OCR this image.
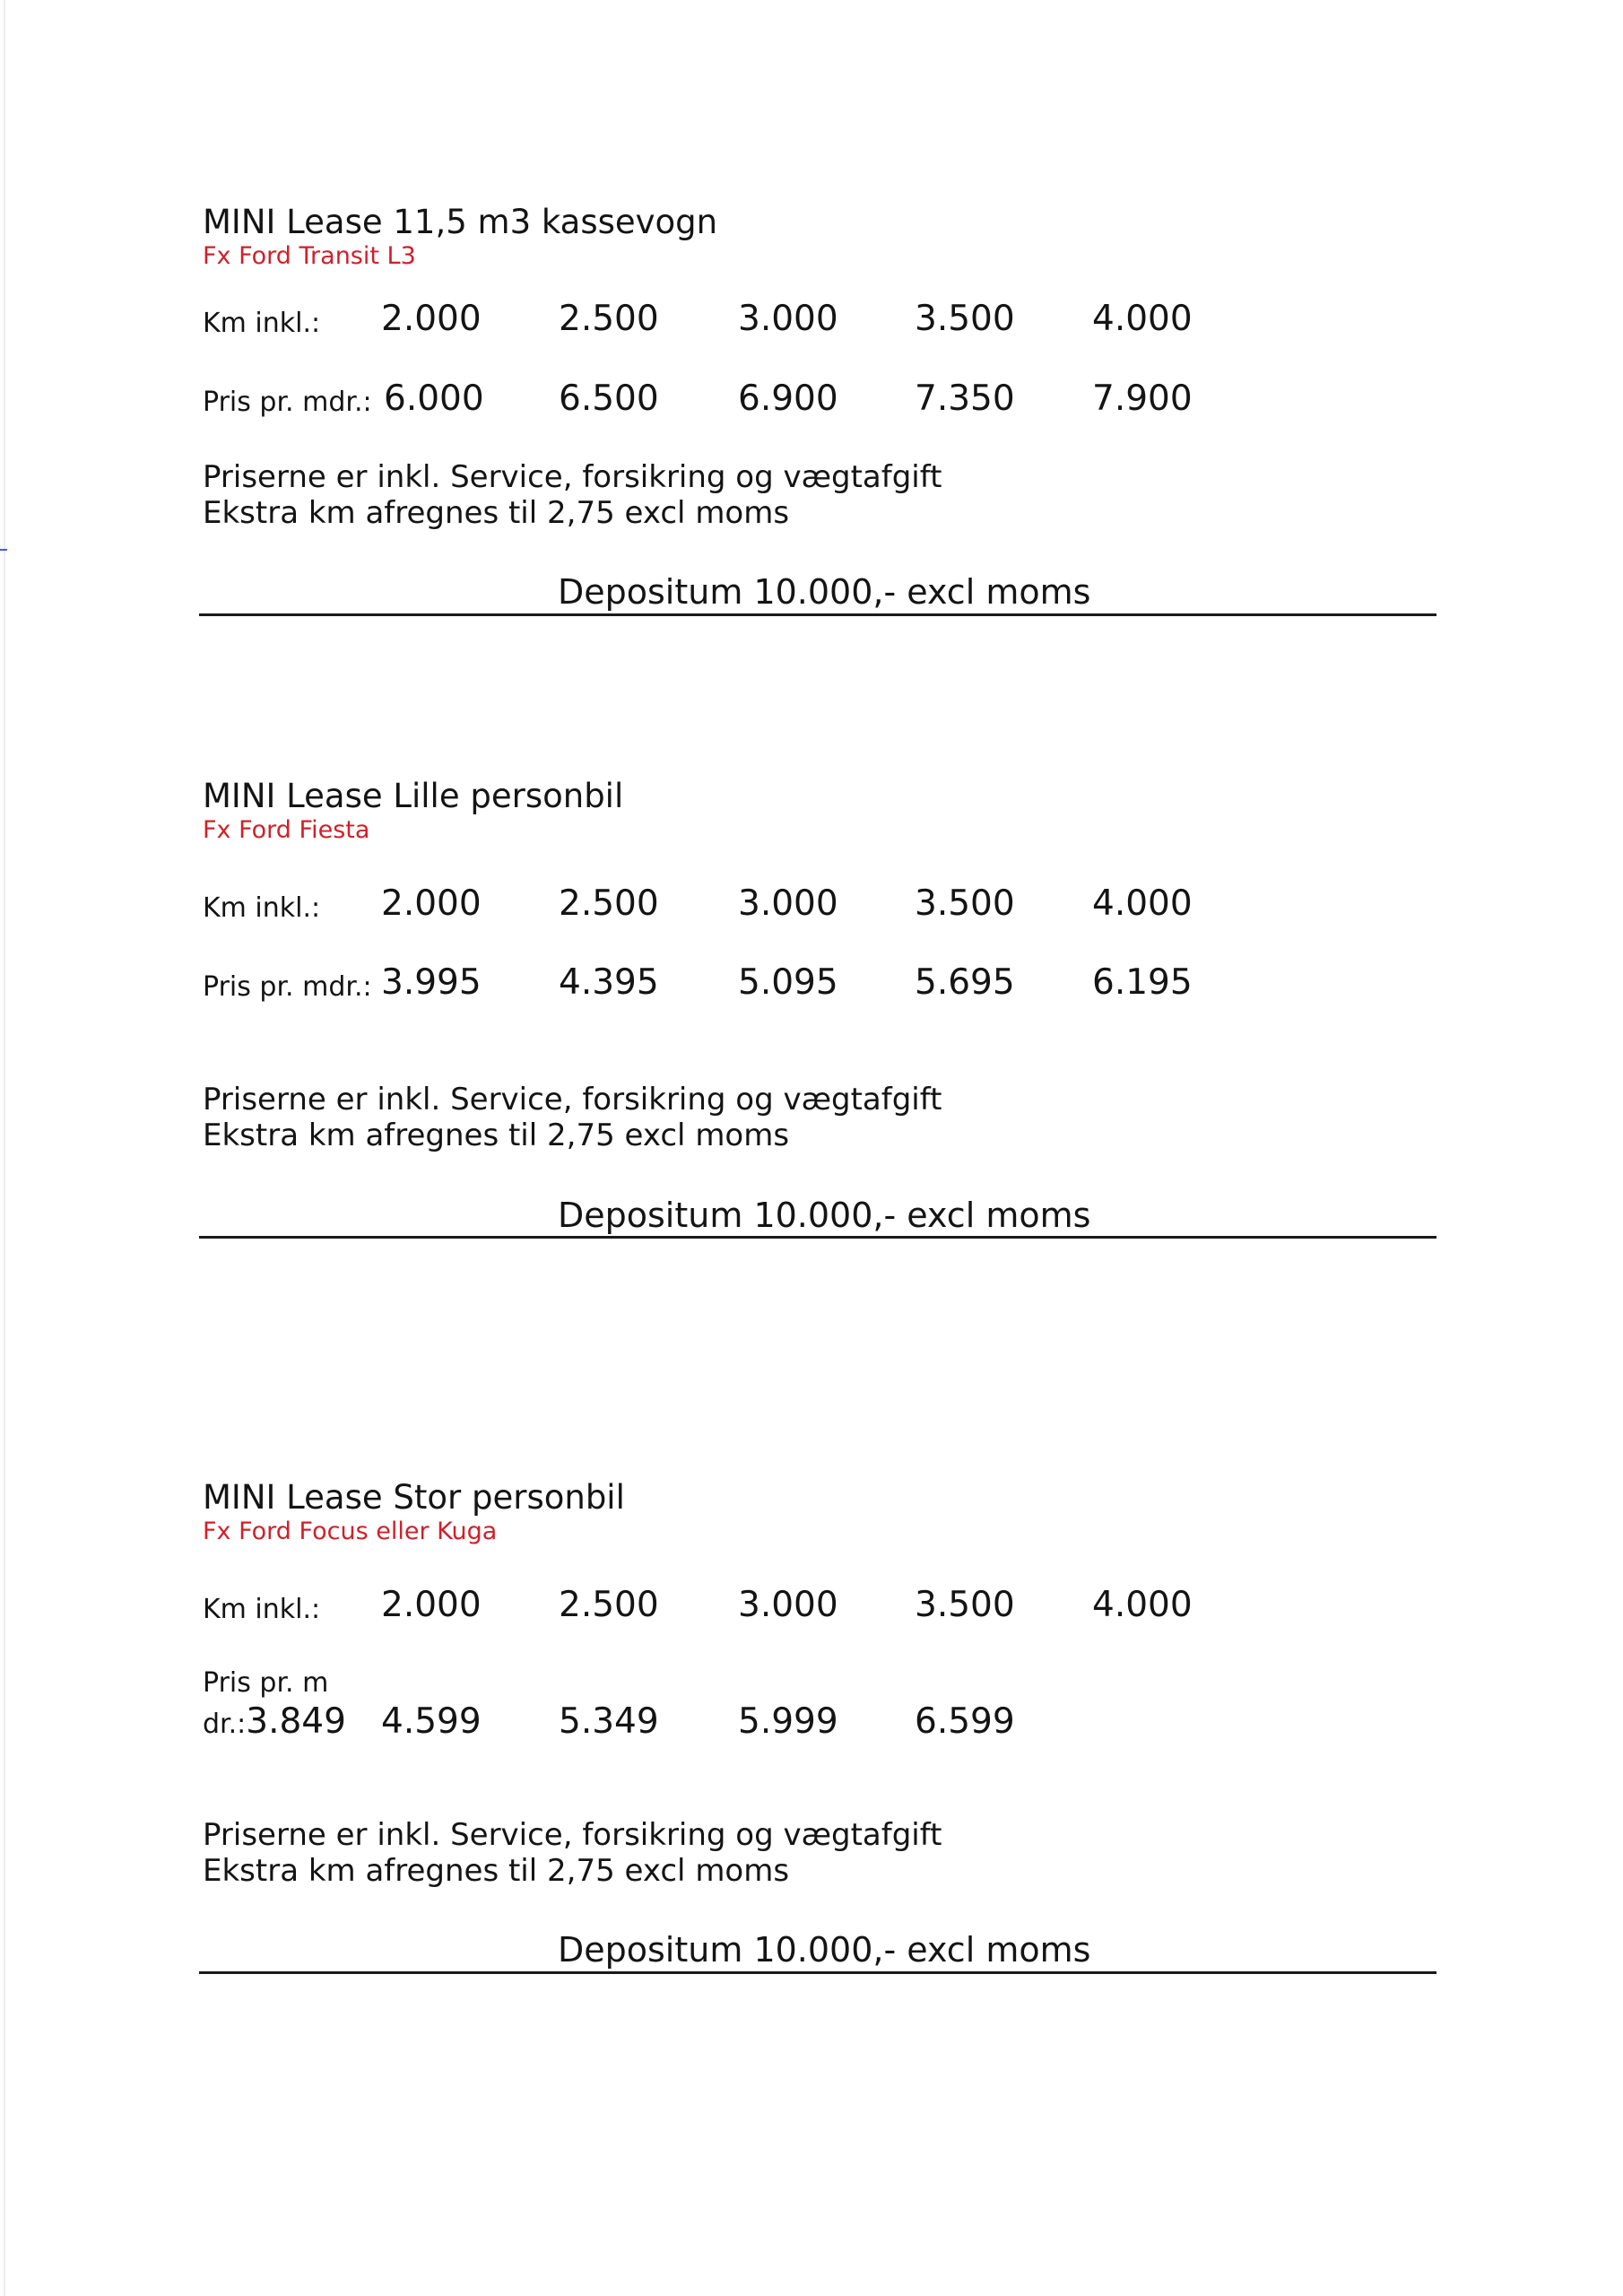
MINI Lease 11,5 m3 kassevogn
Fx Ford Transit L3
Km inkl.: 2.000 2.500 3.000 3.500 4.000
Pris pr. mdr.: 6.000 6.500 6.900 7.350 7.900
Priserne er inkl. Service, forsikring og vægtafgift
Ekstra km afregnes til 2,75 excl moms
Depositum 10.000,- excl moms
MINI Lease Lille personbil
Fx Ford Fiesta
Km inkl.: 2.000 2.500 3.000 3.500 4.000
Pris pr. mdr.: 3.995 4.395 5.095 5.695 6.195
Priserne er inkl. Service, forsikring og vægtafgift
Ekstra km afregnes til 2,75 excl moms
Depositum 10.000,- excl moms
MINI Lease Stor personbil
Fx Ford Focus eller Kuga
Km inkl.: 2.000 2.500 3.000 3.500 4.000
Pris pr. m
dr.:3.849 4.599 5.349 5.999 6.599
Priserne er inkl. Service, forsikring og vægtafgift
Ekstra km afregnes til 2,75 excl moms
Depositum 10.000,- excl moms
